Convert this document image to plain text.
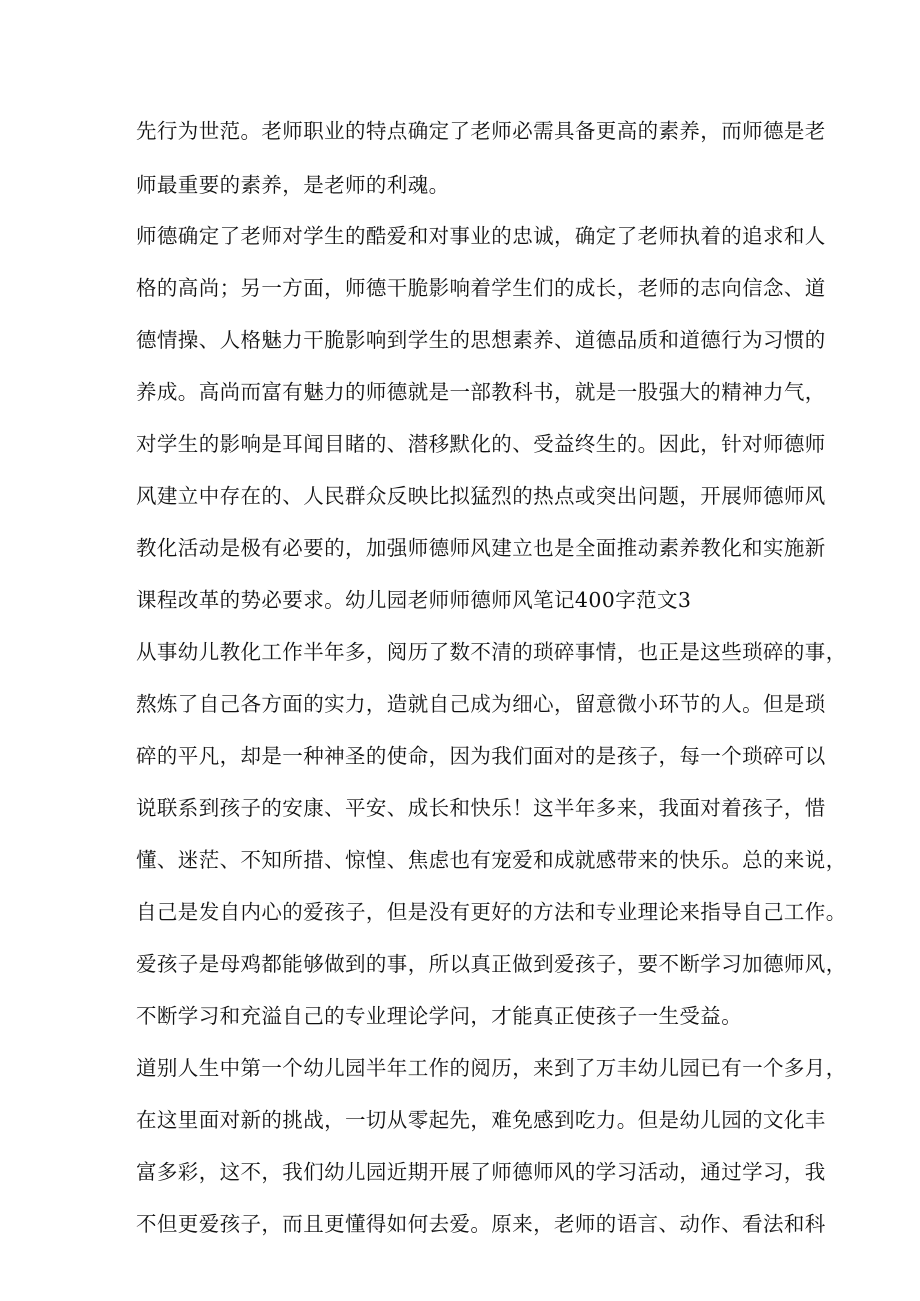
先行为世范。老师职业的特点确定了老师必需具备更高的素养，而师德是老
师最重要的素养，是老师的利魂。
师德确定了老师对学生的酷爱和对事业的忠诚，确定了老师执着的追求和人
格的高尚；另一方面，师德干脆影响着学生们的成长，老师的志向信念、道
德情操、人格魅力干脆影响到学生的思想素养、道德品质和道德行为习惯的
养成。高尚而富有魅力的师德就是一部教科书，就是一股强大的精神力气，
对学生的影响是耳闻目睹的、潜移默化的、受益终生的。因此，针对师德师
风建立中存在的、人民群众反映比拟猛烈的热点或突出问题，开展师德师风
教化活动是极有必要的，加强师德师风建立也是全面推动素养教化和实施新
课程改革的势必要求。幼儿园老师师德师风笔记400字范文3
从事幼儿教化工作半年多，阅历了数不清的琐碎事情，也正是这些琐碎的事，
熬炼了自己各方面的实力，造就自己成为细心，留意微小环节的人。但是琐
碎的平凡，却是一种神圣的使命，因为我们面对的是孩子，每一个琐碎可以
说联系到孩子的安康、平安、成长和快乐！这半年多来，我面对着孩子，惜
懂、迷茫、不知所措、惊惶、焦虑也有宠爱和成就感带来的快乐。总的来说，
自己是发自内心的爱孩子，但是没有更好的方法和专业理论来指导自己工作。
爱孩子是母鸡都能够做到的事，所以真正做到爱孩子，要不断学习加德师风，
不断学习和充溢自己的专业理论学问，才能真正使孩子一生受益。
道别人生中第一个幼儿园半年工作的阅历，来到了万丰幼儿园已有一个多月，
在这里面对新的挑战，一切从零起先，难免感到吃力。但是幼儿园的文化丰
富多彩，这不，我们幼儿园近期开展了师德师风的学习活动，通过学习，我
不但更爱孩子，而且更懂得如何去爱。原来，老师的语言、动作、看法和科
